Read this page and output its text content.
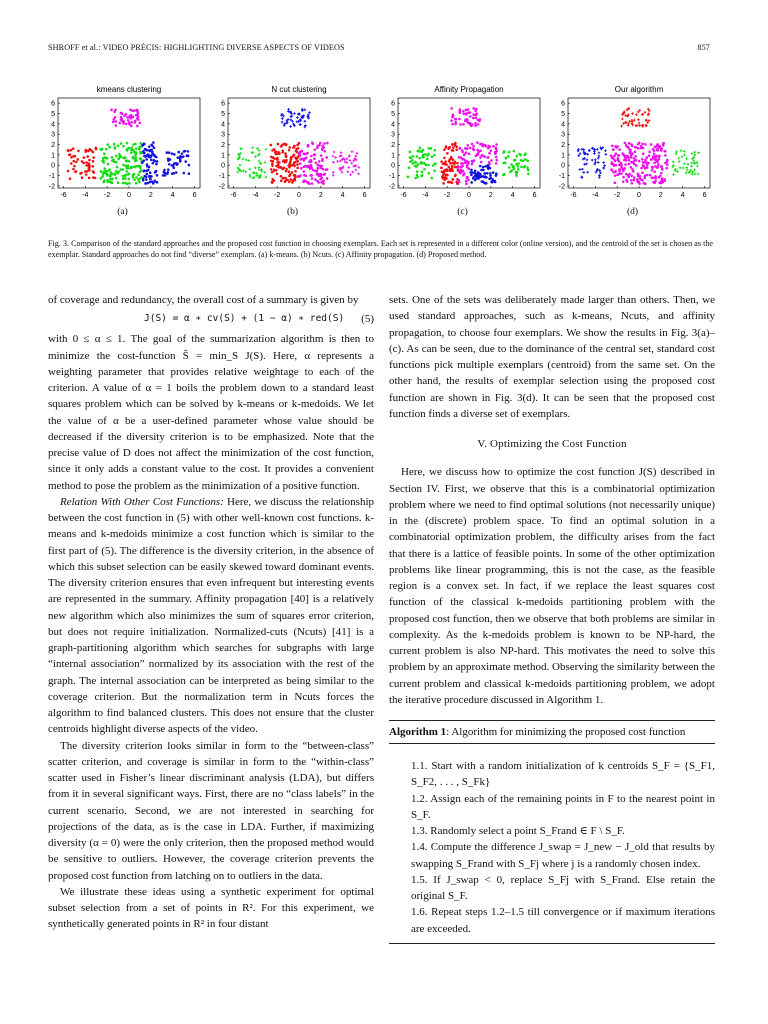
SHROFF et al.: VIDEO PRÉCIS: HIGHLIGHTING DIVERSE ASPECTS OF VIDEOS	857
kmeans clustering
6
5
4
3
2
1
0
-1
-2
-6 -4 -2 0	2	4	6
(a)
N cut clustering
6
5
4
3
2
1
0
-1
-2
-6 -4 -2 0	2	4	6
(b)
Affinity Propagation
6
5
4
3
2
1
0
-1
-2
-6 -4 -2 0	2	4	6
(c)
Our algorithm
6
5
4
3
2
1
0
-1
-2
-6 -4 -2 0	2	4	6
(d)
Fig. 3. Comparison of the standard approaches and the proposed cost function in choosing exemplars. Each set is represented in a different color (online version), and the centroid of the set is chosen as the exemplar. Standard approaches do not find “diverse” exemplars. (a) k-means. (b) Ncuts. (c) Affinity propagation. (d) Proposed method.

of coverage and redundancy, the overall cost of a summary is given by

J(S) = α ∗ cv(S) + (1 − α) ∗ red(S) (5)

with 0 ≤ α ≤ 1. The goal of the summarization algorithm is then to minimize the cost-function Ŝ = min_S J(S). Here, α represents a weighting parameter that provides relative weightage to each of the criterion. A value of α = 1 boils the problem down to a standard least squares problem which can be solved by k-means or k-medoids. We let the value of α be a user-defined parameter whose value should be decreased if the diversity criterion is to be emphasized. Note that the precise value of D does not affect the minimization of the cost function, since it only adds a constant value to the cost. It provides a convenient method to pose the problem as the minimization of a positive function.

Relation With Other Cost Functions: Here, we discuss the relationship between the cost function in (5) with other well-known cost functions. k-means and k-medoids minimize a cost function which is similar to the first part of (5). The difference is the diversity criterion, in the absence of which this subset selection can be easily skewed toward dominant events. The diversity criterion ensures that even infrequent but interesting events are represented in the summary. Affinity propagation [40] is a relatively new algorithm which also minimizes the sum of squares error criterion, but does not require initialization. Normalized-cuts (Ncuts) [41] is a graph-partitioning algorithm which searches for subgraphs with large “internal association” normalized by its association with the rest of the graph. The internal association can be interpreted as being similar to the coverage criterion. But the normalization term in Ncuts forces the algorithm to find balanced clusters. This does not ensure that the cluster centroids highlight diverse aspects of the video.

The diversity criterion looks similar in form to the “between-class” scatter criterion, and coverage is similar in form to the “within-class” scatter used in Fisher’s linear discriminant analysis (LDA), but differs from it in several significant ways. First, there are no “class labels” in the current scenario. Second, we are not interested in searching for projections of the data, as is the case in LDA. Further, if maximizing diversity (α = 0) were the only criterion, then the proposed method would be sensitive to outliers. However, the coverage criterion prevents the proposed cost function from latching on to outliers in the data.

We illustrate these ideas using a synthetic experiment for optimal subset selection from a set of points in R². For this experiment, we synthetically generated points in R² in four distant

sets. One of the sets was deliberately made larger than others. Then, we used standard approaches, such as k-means, Ncuts, and affinity propagation, to choose four exemplars. We show the results in Fig. 3(a)–(c). As can be seen, due to the dominance of the central set, standard cost functions pick multiple exemplars (centroid) from the same set. On the other hand, the results of exemplar selection using the proposed cost function are shown in Fig. 3(d). It can be seen that the proposed cost function finds a diverse set of exemplars.

V. Optimizing the Cost Function

Here, we discuss how to optimize the cost function J(S) described in Section IV. First, we observe that this is a combinatorial optimization problem where we need to find optimal solutions (not necessarily unique) in the (discrete) problem space. To find an optimal solution in a combinatorial optimization problem, the difficulty arises from the fact that there is a lattice of feasible points. In some of the other optimization problems like linear programming, this is not the case, as the feasible region is a convex set. In fact, if we replace the least squares cost function of the classical k-medoids partitioning problem with the proposed cost function, then we observe that both problems are similar in complexity. As the k-medoids problem is known to be NP-hard, the current problem is also NP-hard. This motivates the need to solve this problem by an approximate method. Observing the similarity between the current problem and classical k-medoids partitioning problem, we adopt the iterative procedure discussed in Algorithm 1.

Algorithm 1: Algorithm for minimizing the proposed cost function
1.1. Start with a random initialization of k centroids S_F = {S_F1, S_F2, . . . , S_Fk}
1.2. Assign each of the remaining points in F to the nearest point in S_F.
1.3. Randomly select a point S_Frand ∈ F \ S_F.
1.4. Compute the difference J_swap = J_new − J_old that results by swapping S_Frand with S_Fj where j is a randomly chosen index.
1.5. If J_swap < 0, replace S_Fj with S_Frand. Else retain the original S_F.
1.6. Repeat steps 1.2–1.5 till convergence or if maximum iterations are exceeded.
